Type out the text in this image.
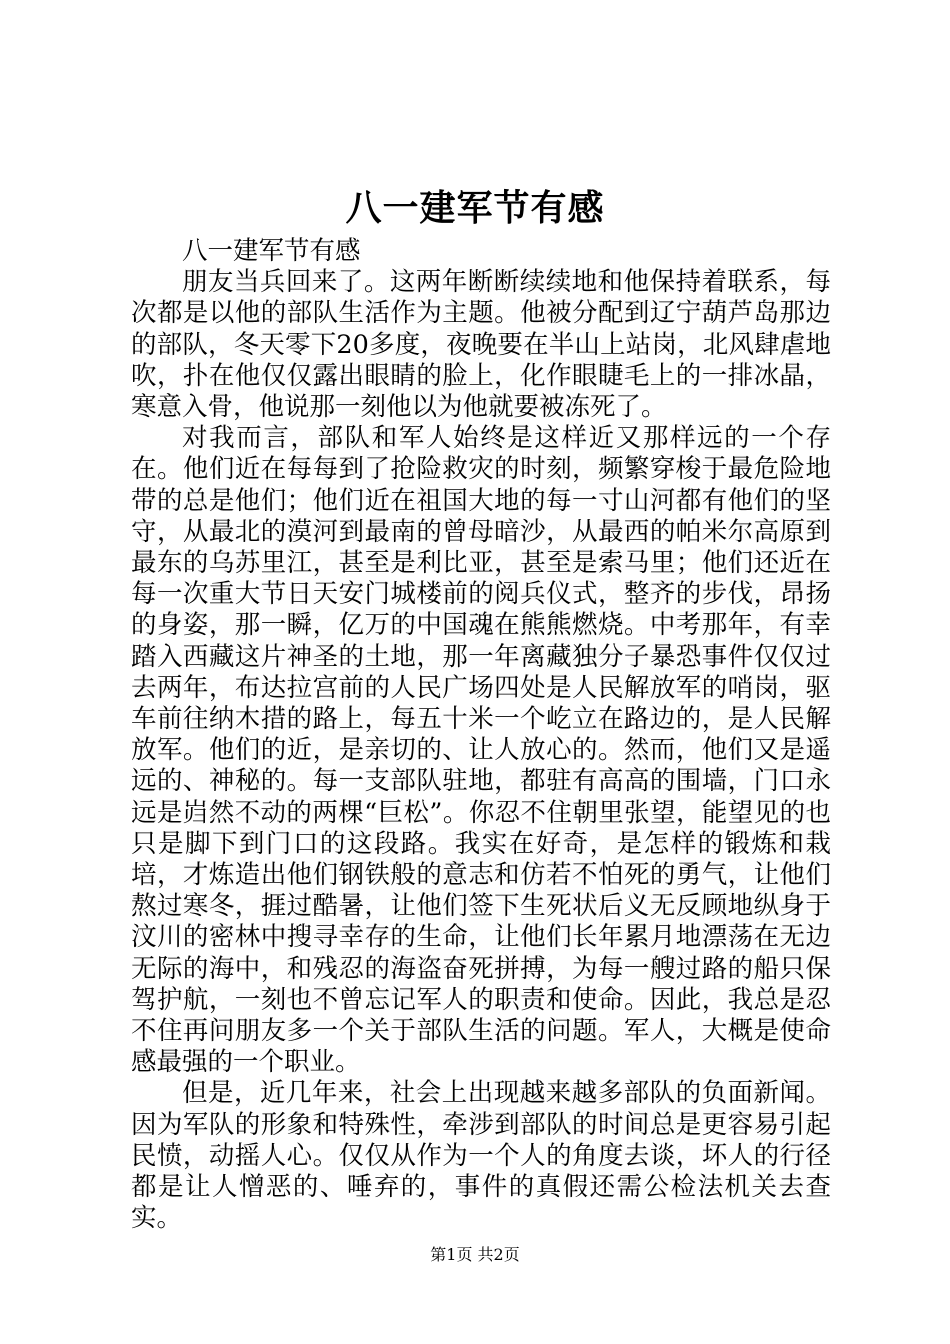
八一建军节有感

八一建军节有感

朋友当兵回来了。这两年断断续续地和他保持着联系，每次都是以他的部队生活作为主题。他被分配到辽宁葫芦岛那边的部队，冬天零下20多度，夜晚要在半山上站岗，北风肆虐地吹，扑在他仅仅露出眼睛的脸上，化作眼睫毛上的一排冰晶，寒意入骨，他说那一刻他以为他就要被冻死了。

对我而言，部队和军人始终是这样近又那样远的一个存在。他们近在每每到了抢险救灾的时刻，频繁穿梭于最危险地带的总是他们；他们近在祖国大地的每一寸山河都有他们的坚守，从最北的漠河到最南的曾母暗沙，从最西的帕米尔高原到最东的乌苏里江，甚至是利比亚，甚至是索马里；他们还近在每一次重大节日天安门城楼前的阅兵仪式，整齐的步伐，昂扬的身姿，那一瞬，亿万的中国魂在熊熊燃烧。中考那年，有幸踏入西藏这片神圣的土地，那一年离藏独分子暴恐事件仅仅过去两年，布达拉宫前的人民广场四处是人民解放军的哨岗，驱车前往纳木措的路上，每五十米一个屹立在路边的，是人民解放军。他们的近，是亲切的、让人放心的。然而，他们又是遥远的、神秘的。每一支部队驻地，都驻有高高的围墙，门口永远是岿然不动的两棵“巨松”。你忍不住朝里张望，能望见的也只是脚下到门口的这段路。我实在好奇，是怎样的锻炼和栽培，才炼造出他们钢铁般的意志和仿若不怕死的勇气，让他们熬过寒冬，捱过酷暑，让他们签下生死状后义无反顾地纵身于汶川的密林中搜寻幸存的生命，让他们长年累月地漂荡在无边无际的海中，和残忍的海盗奋死拼搏，为每一艘过路的船只保驾护航，一刻也不曾忘记军人的职责和使命。因此，我总是忍不住再问朋友多一个关于部队生活的问题。军人，大概是使命感最强的一个职业。

但是，近几年来，社会上出现越来越多部队的负面新闻。因为军队的形象和特殊性，牵涉到部队的时间总是更容易引起民愤，动摇人心。仅仅从作为一个人的角度去谈，坏人的行径都是让人憎恶的、唾弃的，事件的真假还需公检法机关去查实。

第1页 共2页
